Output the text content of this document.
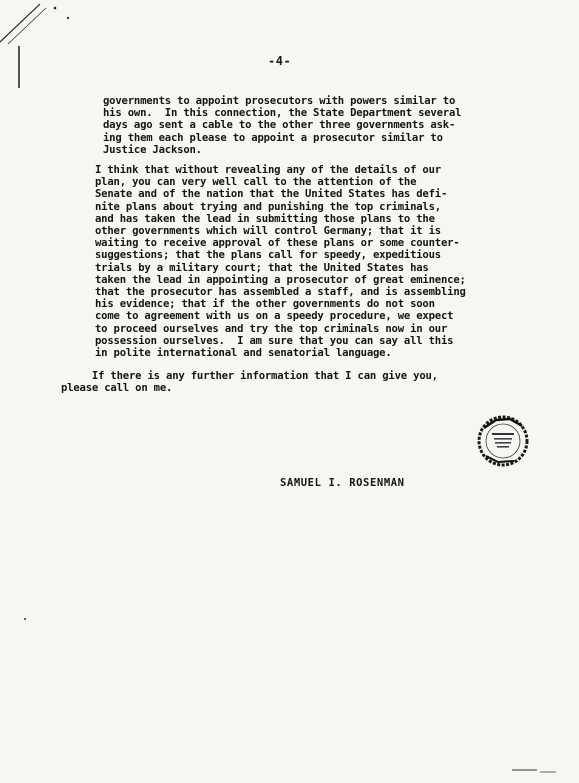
-4-
governments to appoint prosecutors with powers similar to
his own.  In this connection, the State Department several
days ago sent a cable to the other three governments ask-
ing them each please to appoint a prosecutor similar to
Justice Jackson.
I think that without revealing any of the details of our
plan, you can very well call to the attention of the
Senate and of the nation that the United States has defi-
nite plans about trying and punishing the top criminals,
and has taken the lead in submitting those plans to the
other governments which will control Germany; that it is
waiting to receive approval of these plans or some counter-
suggestions; that the plans call for speedy, expeditious
trials by a military court; that the United States has
taken the lead in appointing a prosecutor of great eminence;
that the prosecutor has assembled a staff, and is assembling
his evidence; that if the other governments do not soon
come to agreement with us on a speedy procedure, we expect
to proceed ourselves and try the top criminals now in our
possession ourselves.  I am sure that you can say all this
in polite international and senatorial language.
If there is any further information that I can give you,
please call on me.
SAMUEL I. ROSENMAN
